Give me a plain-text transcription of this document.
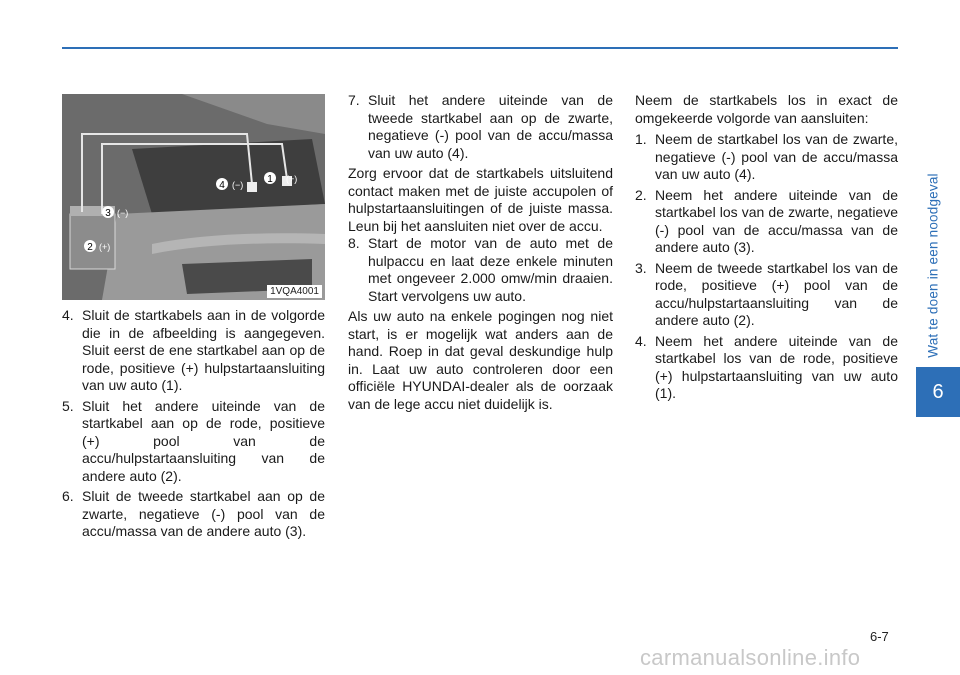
Wat te doen in een noodgeval
6
1 (+)
4 (−)
3 (−)
2 (+)
1VQA4001
4. Sluit de startkabels aan in de volgorde die in de afbeelding is aangegeven. Sluit eerst de ene startkabel aan op de rode, positieve (+) hulpstartaansluiting van uw auto (1).
5. Sluit het andere uiteinde van de startkabel aan op de rode, positieve (+) pool van de accu/hulpstartaansluiting van de andere auto (2).
6. Sluit de tweede startkabel aan op de zwarte, negatieve (-) pool van de accu/massa van de andere auto (3).
7. Sluit het andere uiteinde van de tweede startkabel aan op de zwarte, negatieve (-) pool van de accu/massa van uw auto (4).

Zorg ervoor dat de startkabels uitsluitend contact maken met de juiste accupolen of hulpstartaansluitingen of de juiste massa. Leun bij het aansluiten niet over de accu.

8. Start de motor van de auto met de hulpaccu en laat deze enkele minuten met ongeveer 2.000 omw/min draaien. Start vervolgens uw auto.

Als uw auto na enkele pogingen nog niet start, is er mogelijk wat anders aan de hand. Roep in dat geval deskundige hulp in. Laat uw auto controleren door een officiële HYUNDAI-dealer als de oorzaak van de lege accu niet duidelijk is.

Neem de startkabels los in exact de omgekeerde volgorde van aansluiten:

1. Neem de startkabel los van de zwarte, negatieve (-) pool van de accu/massa van uw auto (4).
2. Neem het andere uiteinde van de startkabel los van de zwarte, negatieve (-) pool van de accu/massa van de andere auto (3).
3. Neem de tweede startkabel los van de rode, positieve (+) pool van de accu/hulpstartaansluiting van de andere auto (2).
4. Neem het andere uiteinde van de startkabel los van de rode, positieve (+) hulpstartaansluiting van uw auto (1).
6-7
carmanualsonline.info
